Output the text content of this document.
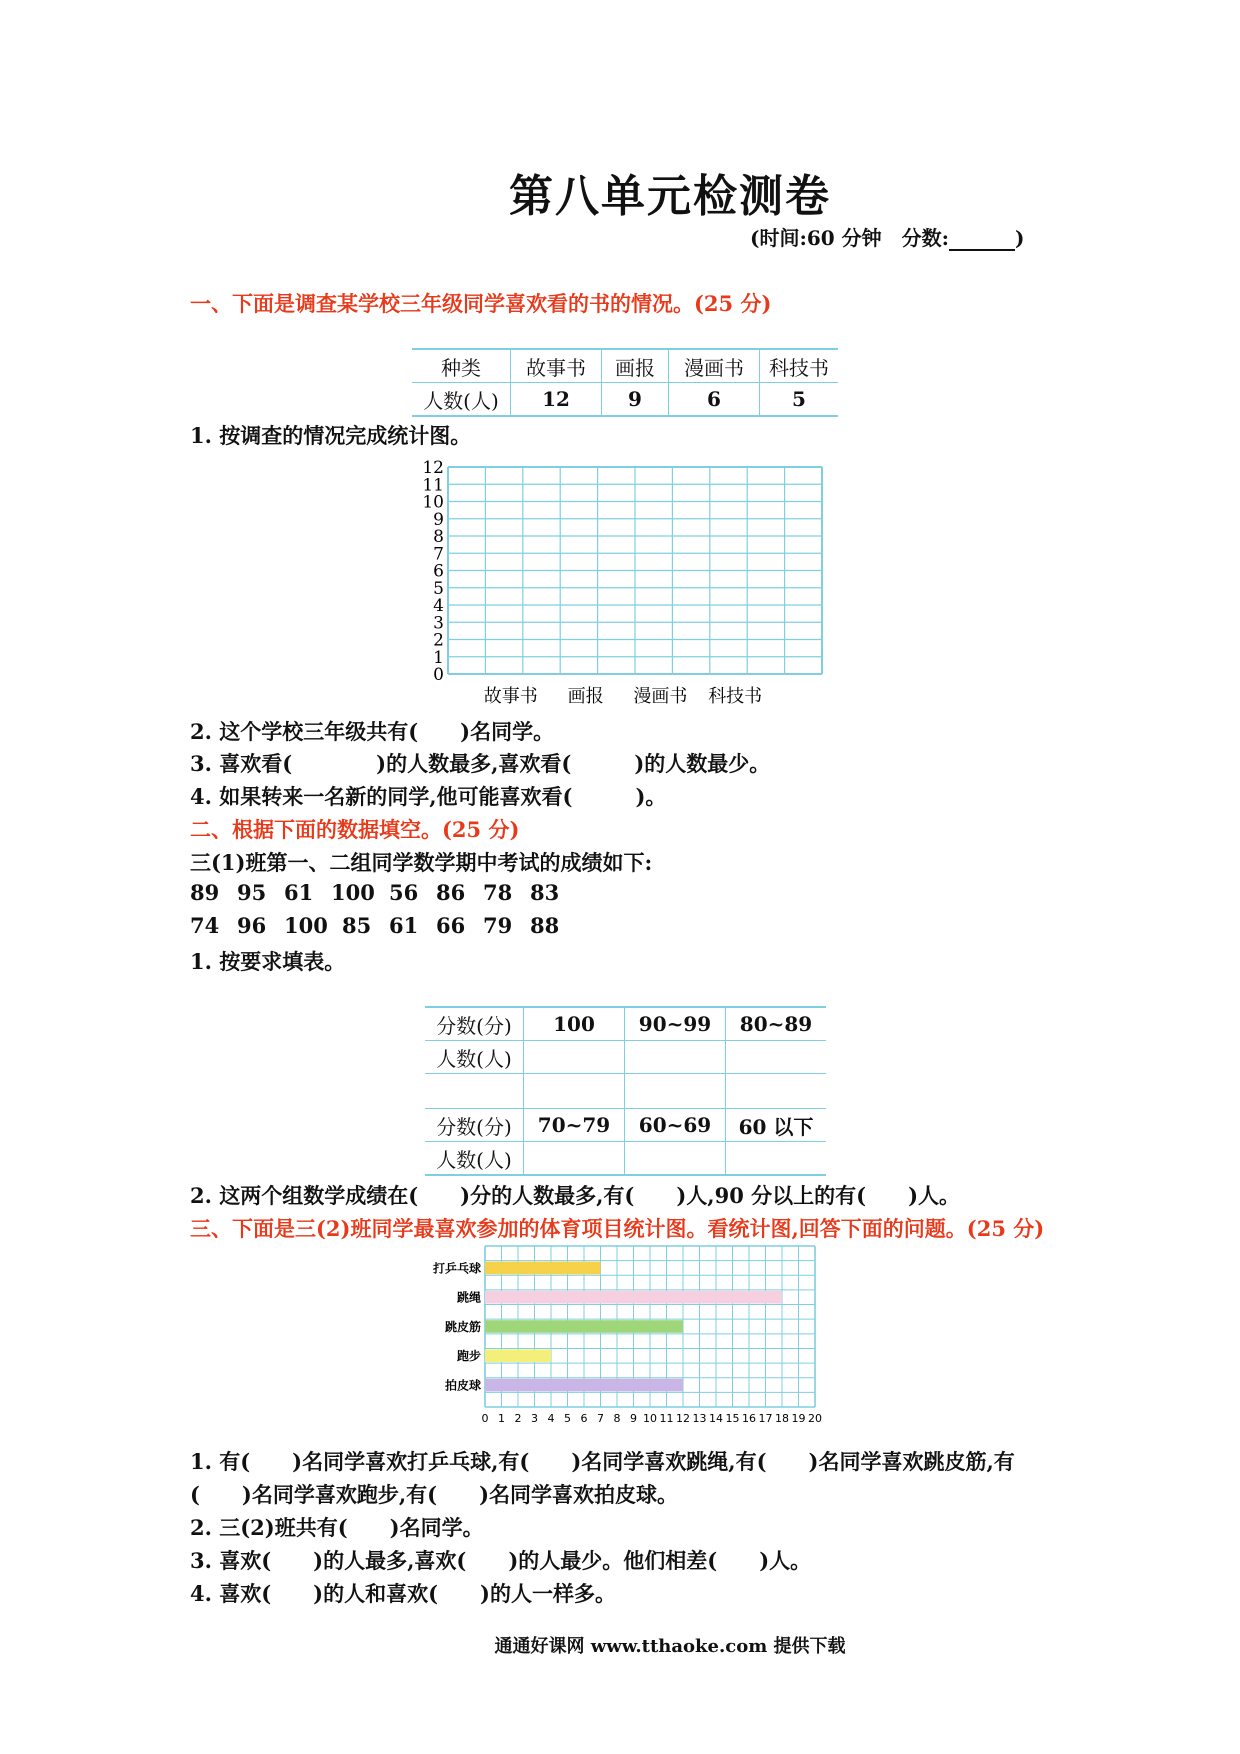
第八单元检测卷
(时间:60 分钟　分数:	)
一、下面是调查某学校三年级同学喜欢看的书的情况。(25 分)
种类	故事书	画报	漫画书	科技书
人数(人)	12	9	6	5
1. 按调查的情况完成统计图。
0
1
2
3
4
5
6
7
8
9
10
11
12
故事书 画报 漫画书 科技书
2. 这个学校三年级共有(　　)名同学。
3. 喜欢看(　　　　)的人数最多,喜欢看(　　　)的人数最少。
4. 如果转来一名新的同学,他可能喜欢看(　　　)。
二、根据下面的数据填空。(25 分)
三(1)班第一、二组同学数学期中考试的成绩如下:
89 95 61 100 56 86 78 83
74 96 100 85 61 66 79 88
1. 按要求填表。
分数(分)	100	90~99	80~89
人数(人)			

分数(分)	70~79	60~69	60 以下
人数(人)			
2. 这两个组数学成绩在(　　)分的人数最多,有(　　)人,90 分以上的有(　　)人。
三、下面是三(2)班同学最喜欢参加的体育项目统计图。看统计图,回答下面的问题。(25 分)
打乒乓球
跳绳
跳皮筋
跑步
拍皮球
0 1 2 3 4 5 6 7 8 9 10 11 12 13 14 15 16 17 18 19 20
1. 有(　　)名同学喜欢打乒乓球,有(　　)名同学喜欢跳绳,有(　　)名同学喜欢跳皮筋,有
(　　)名同学喜欢跑步,有(　　)名同学喜欢拍皮球。
2. 三(2)班共有(　　)名同学。
3. 喜欢(　　)的人最多,喜欢(　　)的人最少。他们相差(　　)人。
4. 喜欢(　　)的人和喜欢(　　)的人一样多。
通通好课网 www.tthaoke.com 提供下载
